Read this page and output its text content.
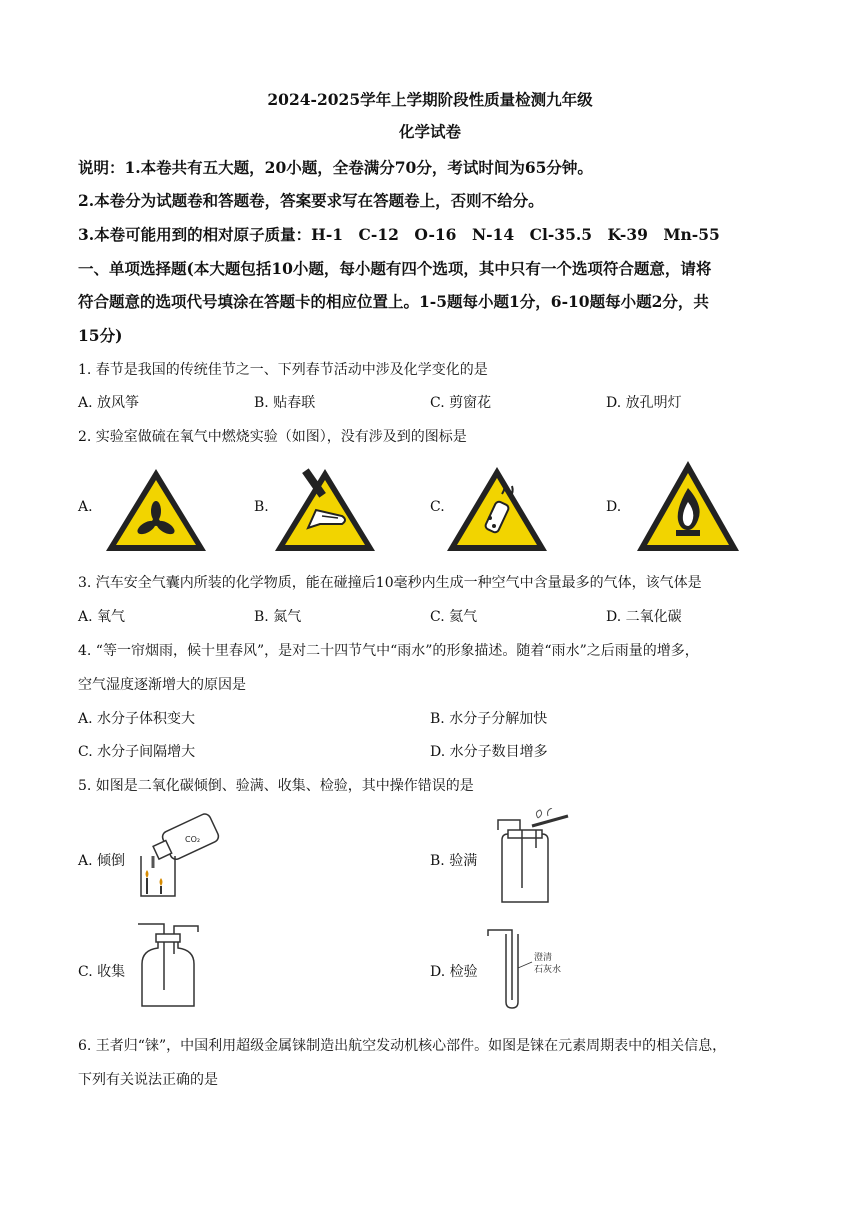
2024-2025学年上学期阶段性质量检测九年级
化学试卷
说明：1.本卷共有五大题，20小题，全卷满分70分，考试时间为65分钟。
2.本卷分为试题卷和答题卷，答案要求写在答题卷上，否则不给分。
3.本卷可能用到的相对原子质量：H-1　C-12　O-16　N-14　Cl-35.5　K-39　Mn-55
一、单项选择题(本大题包括10小题，每小题有四个选项，其中只有一个选项符合题意，请将
符合题意的选项代号填涂在答题卡的相应位置上。1-5题每小题1分，6-10题每小题2分，共
15分)
1. 春节是我国的传统佳节之一、下列春节活动中涉及化学变化的是
A. 放风筝	B. 贴春联	C. 剪窗花	D. 放孔明灯
2. 实验室做硫在氧气中燃烧实验（如图），没有涉及到的图标是
A.	B.	C.	D.
3. 汽车安全气囊内所装的化学物质，能在碰撞后10毫秒内生成一种空气中含量最多的气体，该气体是
A. 氧气	B. 氮气	C. 氦气	D. 二氧化碳
4. “等一帘烟雨，候十里春风”，是对二十四节气中“雨水”的形象描述。随着“雨水”之后雨量的增多，
空气湿度逐渐增大的原因是
A. 水分子体积变大	B. 水分子分解加快
C. 水分子间隔增大	D. 水分子数目增多
5. 如图是二氧化碳倾倒、验满、收集、检验，其中操作错误的是
A. 倾倒	B. 验满
C. 收集	D. 检验
CO₂
澄清
石灰水
6. 王者归“铼”，中国利用超级金属铼制造出航空发动机核心部件。如图是铼在元素周期表中的相关信息，
下列有关说法正确的是
